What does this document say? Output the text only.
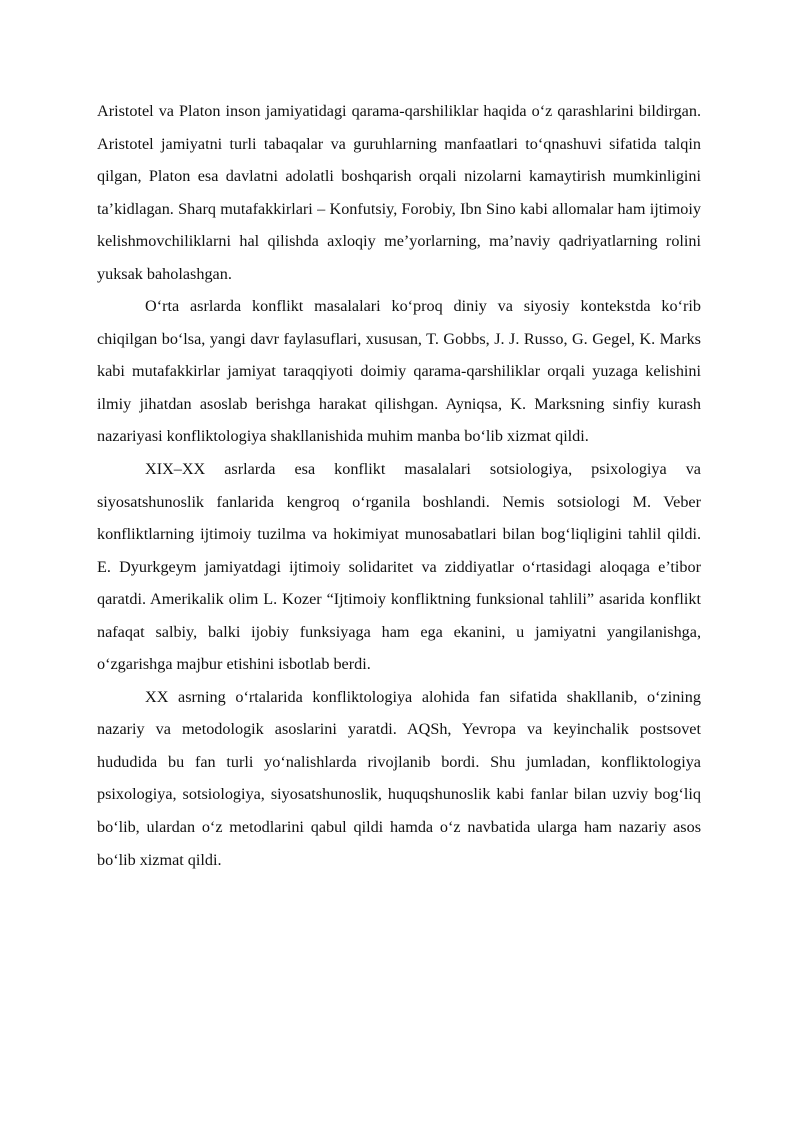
Aristotel va Platon inson jamiyatidagi qarama-qarshiliklar haqida o‘z qarashlarini bildirgan. Aristotel jamiyatni turli tabaqalar va guruhlarning manfaatlari to‘qnashuvi sifatida talqin qilgan, Platon esa davlatni adolatli boshqarish orqali nizolarni kamaytirish mumkinligini ta’kidlagan. Sharq mutafakkirlari – Konfutsiy, Forobiy, Ibn Sino kabi allomalar ham ijtimoiy kelishmovchiliklarni hal qilishda axloqiy me’yorlarning, ma’naviy qadriyatlarning rolini yuksak baholashgan.

O‘rta asrlarda konflikt masalalari ko‘proq diniy va siyosiy kontekstda ko‘rib chiqilgan bo‘lsa, yangi davr faylasuflari, xususan, T. Gobbs, J. J. Russo, G. Gegel, K. Marks kabi mutafakkirlar jamiyat taraqqiyoti doimiy qarama-qarshiliklar orqali yuzaga kelishini ilmiy jihatdan asoslab berishga harakat qilishgan. Ayniqsa, K. Marksning sinfiy kurash nazariyasi konfliktologiya shakllanishida muhim manba bo‘lib xizmat qildi.

XIX–XX asrlarda esa konflikt masalalari sotsiologiya, psixologiya va siyosatshunoslik fanlarida kengroq o‘rganila boshlandi. Nemis sotsiologi M. Veber konfliktlarning ijtimoiy tuzilma va hokimiyat munosabatlari bilan bog‘liqligini tahlil qildi. E. Dyurkgeym jamiyatdagi ijtimoiy solidaritet va ziddiyatlar o‘rtasidagi aloqaga e’tibor qaratdi. Amerikalik olim L. Kozer “Ijtimoiy konfliktning funksional tahlili” asarida konflikt nafaqat salbiy, balki ijobiy funksiyaga ham ega ekanini, u jamiyatni yangilanishga, o‘zgarishga majbur etishini isbotlab berdi.

XX asrning o‘rtalarida konfliktologiya alohida fan sifatida shakllanib, o‘zining nazariy va metodologik asoslarini yaratdi. AQSh, Yevropa va keyinchalik postsovet hududida bu fan turli yo‘nalishlarda rivojlanib bordi. Shu jumladan, konfliktologiya psixologiya, sotsiologiya, siyosatshunoslik, huquqshunoslik kabi fanlar bilan uzviy bog‘liq bo‘lib, ulardan o‘z metodlarini qabul qildi hamda o‘z navbatida ularga ham nazariy asos bo‘lib xizmat qildi.
